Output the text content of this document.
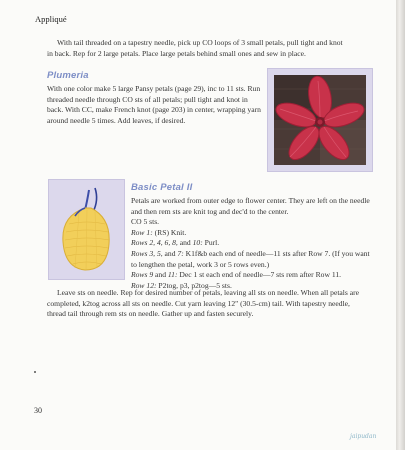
Appliqué

With tail threaded on a tapestry needle, pick up CO loops of 3 small petals, pull tight and knot in back. Rep for 2 large petals. Place large petals behind small ones and sew in place.

Plumeria

With one color make 5 large Pansy petals (page 29), inc to 11 sts. Run threaded needle through CO sts of all petals; pull tight and knot in back. With CC, make French knot (page 203) in center, wrapping yarn around needle 5 times. Add leaves, if desired.

Basic Petal II

Petals are worked from outer edge to flower center. They are left on the needle and then rem sts are knit tog and dec'd to the center.

CO 5 sts.

Row 1: (RS) Knit.

Rows 2, 4, 6, 8, and 10: Purl.

Rows 3, 5, and 7: K1f&b each end of needle—11 sts after Row 7. (If you want to lengthen the petal, work 3 or 5 rows even.)

Rows 9 and 11: Dec 1 st each end of needle—7 sts rem after Row 11.

Row 12: P2tog, p3, p2tog—5 sts.

Leave sts on needle. Rep for desired number of petals, leaving all sts on needle. When all petals are completed, k2tog across all sts on needle. Cut yarn leaving 12" (30.5-cm) tail. With tapestry needle, thread tail through rem sts on needle. Gather up and fasten securely.

30
jaipudan
